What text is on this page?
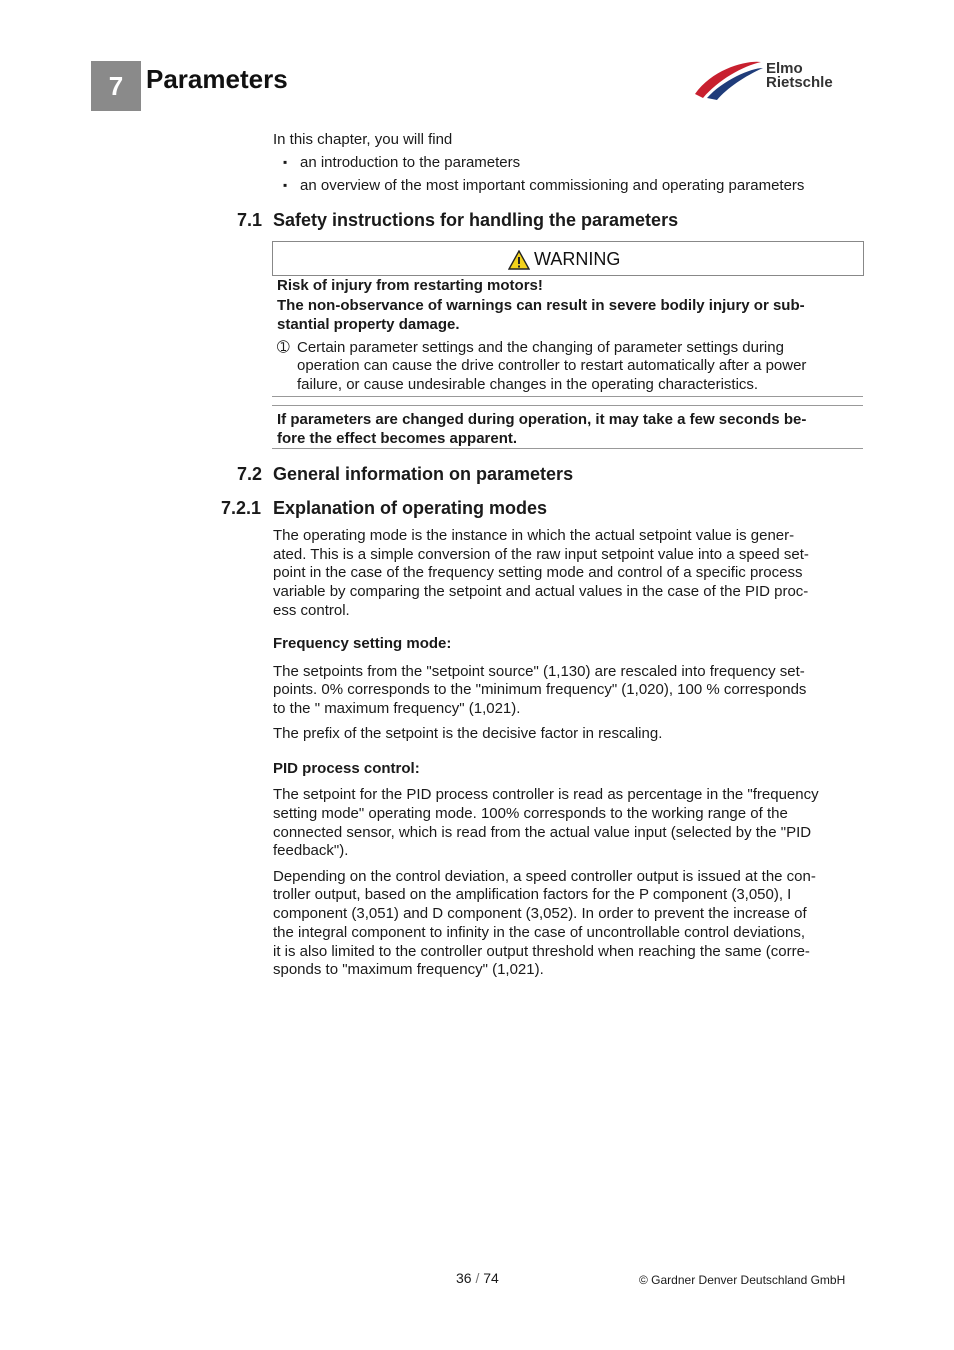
7 Parameters	Elmo
Rietschle
In this chapter, you will find
▪ an introduction to the parameters
▪ an overview of the most important commissioning and operating parameters
7.1 Safety instructions for handling the parameters
WARNING
Risk of injury from restarting motors!
The non-observance of warnings can result in severe bodily injury or sub-
stantial property damage.
➀ Certain parameter settings and the changing of parameter settings during
operation can cause the drive controller to restart automatically after a power
failure, or cause undesirable changes in the operating characteristics.
If parameters are changed during operation, it may take a few seconds be-
fore the effect becomes apparent.
7.2 General information on parameters
7.2.1 Explanation of operating modes
The operating mode is the instance in which the actual setpoint value is gener-
ated. This is a simple conversion of the raw input setpoint value into a speed set-
point in the case of the frequency setting mode and control of a specific process
variable by comparing the setpoint and actual values in the case of the PID proc-
ess control.
Frequency setting mode:
The setpoints from the "setpoint source" (1,130) are rescaled into frequency set-
points. 0% corresponds to the "minimum frequency" (1,020), 100 % corresponds
to the " maximum frequency" (1,021).
The prefix of the setpoint is the decisive factor in rescaling.
PID process control:
The setpoint for the PID process controller is read as percentage in the "frequency
setting mode" operating mode. 100% corresponds to the working range of the
connected sensor, which is read from the actual value input (selected by the "PID
feedback").
Depending on the control deviation, a speed controller output is issued at the con-
troller output, based on the amplification factors for the P component (3,050), I
component (3,051) and D component (3,052). In order to prevent the increase of
the integral component to infinity in the case of uncontrollable control deviations,
it is also limited to the controller output threshold when reaching the same (corre-
sponds to "maximum frequency" (1,021).
36 / 74	© Gardner Denver Deutschland GmbH
